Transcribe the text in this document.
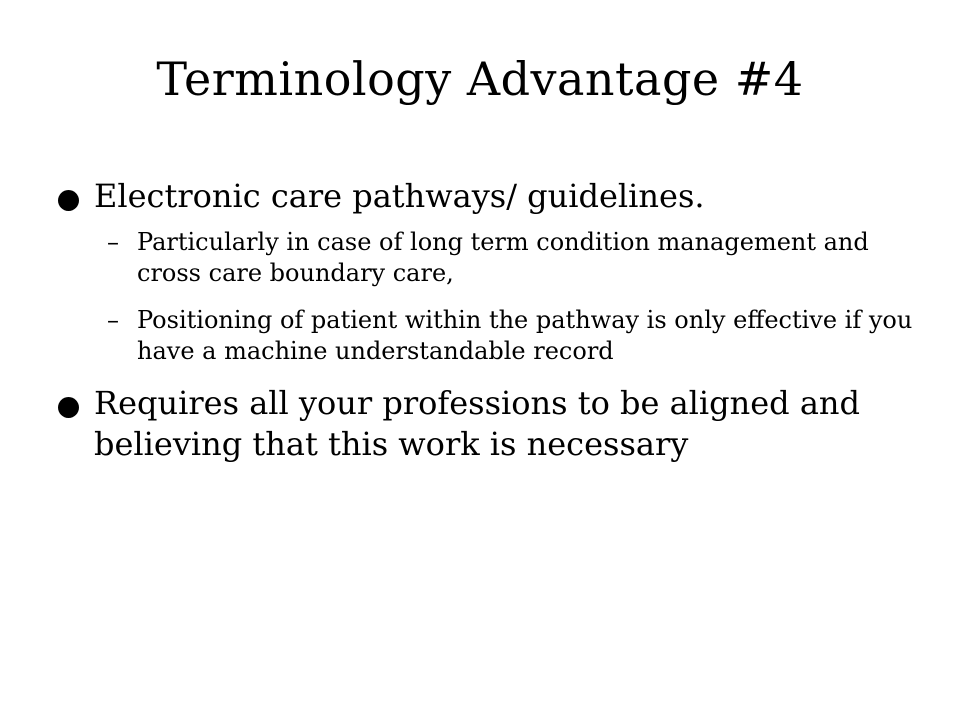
Terminology Advantage #4
Electronic care pathways/ guidelines.
– Particularly in case of long term condition management and cross care boundary care,
– Positioning of patient within the pathway is only effective if you have a machine understandable record
Requires all your professions to be aligned and believing that this work is necessary
